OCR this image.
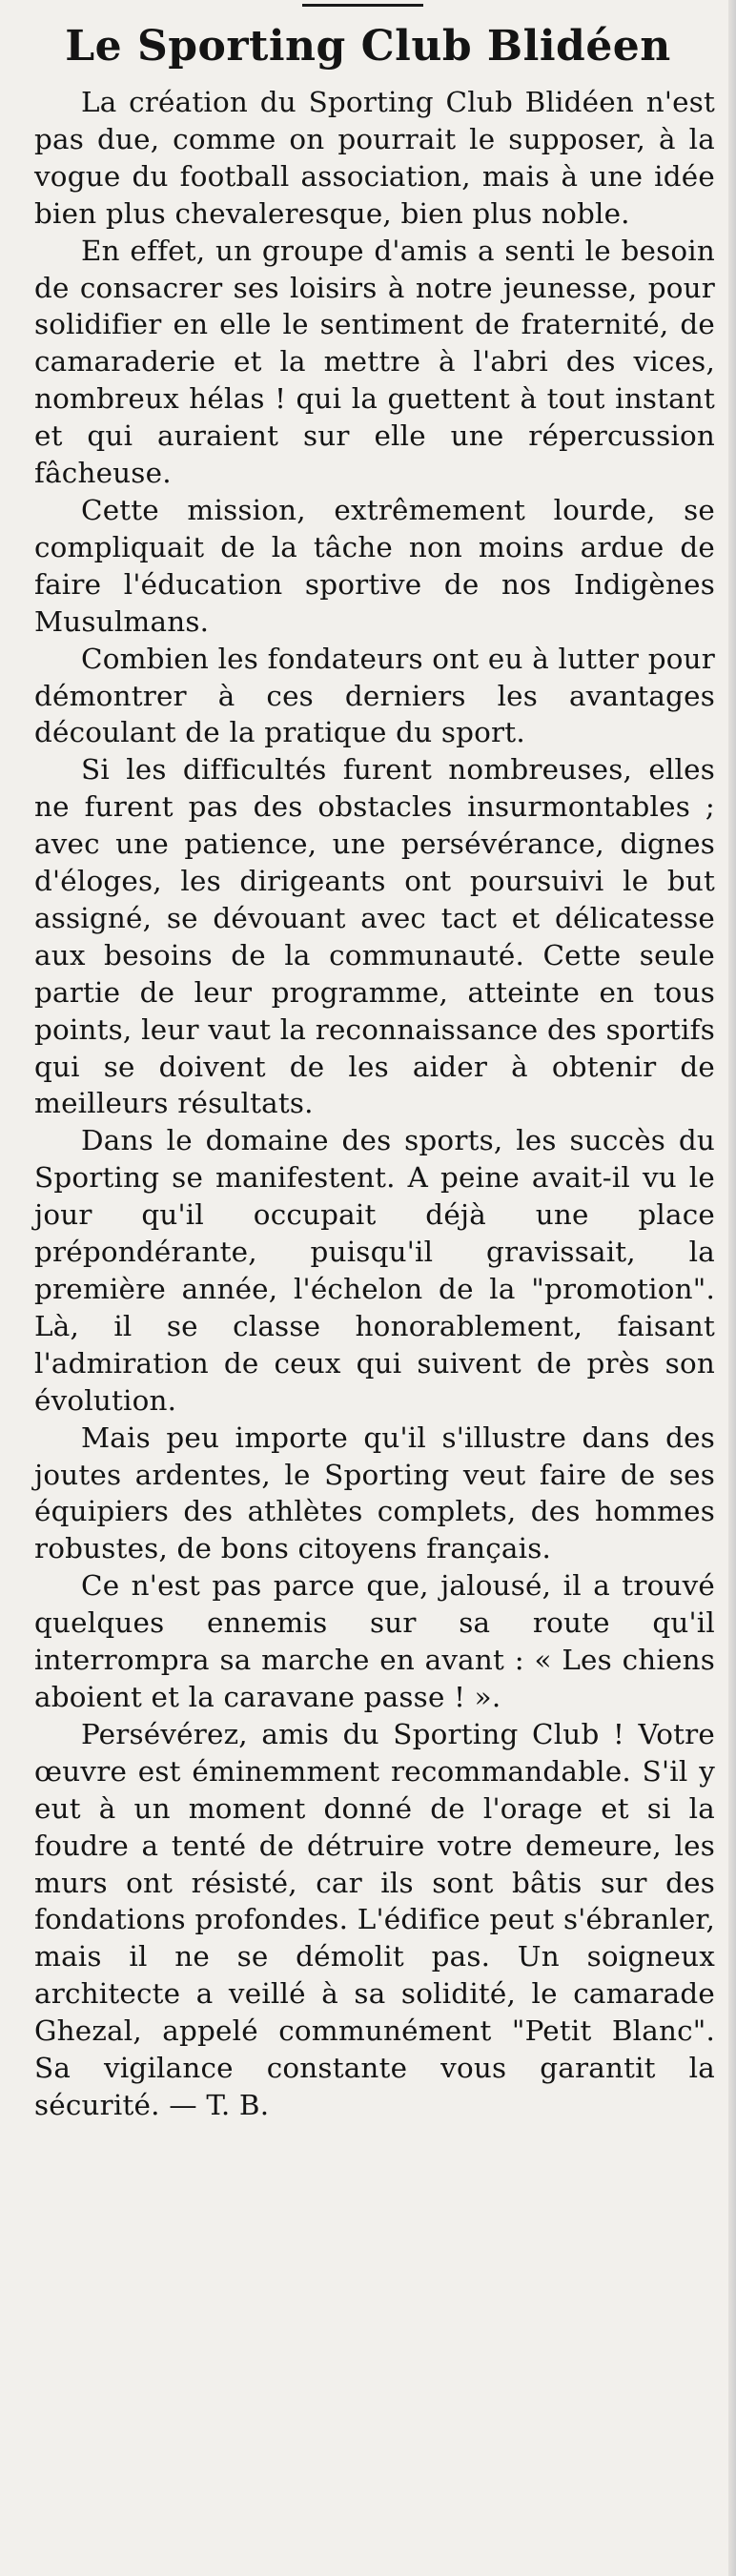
Le Sporting Club Blidéen

La création du Sporting Club Blidéen n'est pas due, comme on pourrait le supposer, à la vogue du football association, mais à une idée bien plus chevaleresque, bien plus noble.

En effet, un groupe d'amis a senti le besoin de consacrer ses loisirs à notre jeunesse, pour solidifier en elle le sentiment de fraternité, de camaraderie et la mettre à l'abri des vices, nombreux hélas ! qui la guettent à tout instant et qui auraient sur elle une répercussion fâcheuse.

Cette mission, extrêmement lourde, se compliquait de la tâche non moins ardue de faire l'éducation sportive de nos Indigènes Musulmans.

Combien les fondateurs ont eu à lutter pour démontrer à ces derniers les avantages découlant de la pratique du sport.

Si les difficultés furent nombreuses, elles ne furent pas des obstacles insurmontables ; avec une patience, une persévérance, dignes d'éloges, les dirigeants ont poursuivi le but assigné, se dévouant avec tact et délicatesse aux besoins de la communauté. Cette seule partie de leur programme, atteinte en tous points, leur vaut la reconnaissance des sportifs qui se doivent de les aider à obtenir de meilleurs résultats.

Dans le domaine des sports, les succès du Sporting se manifestent. A peine avait-il vu le jour qu'il occupait déjà une place prépondérante, puisqu'il gravissait, la première année, l'échelon de la "promotion". Là, il se classe honorablement, faisant l'admiration de ceux qui suivent de près son évolution.

Mais peu importe qu'il s'illustre dans des joutes ardentes, le Sporting veut faire de ses équipiers des athlètes complets, des hommes robustes, de bons citoyens français.

Ce n'est pas parce que, jalousé, il a trouvé quelques ennemis sur sa route qu'il interrompra sa marche en avant : « Les chiens aboient et la caravane passe ! ».

Persévérez, amis du Sporting Club ! Votre œuvre est éminemment recommandable. S'il y eut à un moment donné de l'orage et si la foudre a tenté de détruire votre demeure, les murs ont résisté, car ils sont bâtis sur des fondations profondes. L'édifice peut s'ébranler, mais il ne se démolit pas. Un soigneux architecte a veillé à sa solidité, le camarade Ghezal, appelé communément "Petit Blanc". Sa vigilance constante vous garantit la sécurité. — T. B.
